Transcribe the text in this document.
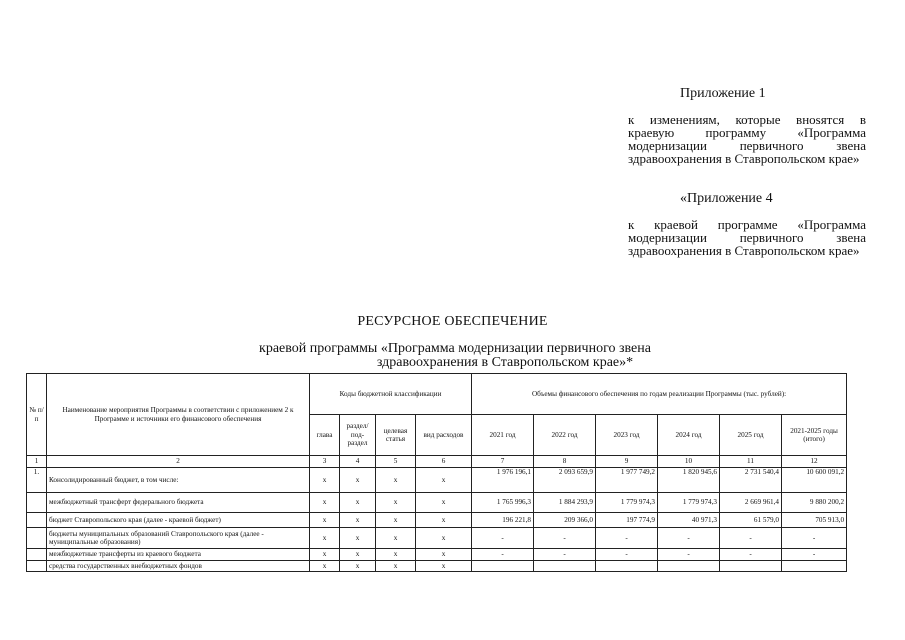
Приложение 1
к изменениям, которые внosятся в краевую программу «Программа модернизации первичного звена здравоохранения в Ставропольском крае»
«Приложение 4
к краевой программе «Программа модернизации первичного звена здравоохранения в Ставропольском крае»
РЕСУРСНОЕ ОБЕСПЕЧЕНИЕ
краевой программы «Программа модернизации первичного звена
здравоохранения в Ставропольском крае»*
№ п/п	Наименование мероприятия Программы в соответствии с приложением 2 к Программе и источники его финансового обеспечения	Коды бюджетной классификации				Объемы финансового обеспечения по годам реализации Программы (тыс. рублей):					
		глава	раздел/ под-раздел	целевая статья	вид расходов	2021 год	2022 год	2023 год	2024 год	2025 год	2021-2025 годы (итого)
1	2	3	4	5	6	7	8	9	10	11	12
1.	Консолидированный бюджет, в том числе:	x	x	x	x	1 976 196,1	2 093 659,9	1 977 749,2	1 820 945,6	2 731 540,4	10 600 091,2
	межбюджетный трансферт федерального бюджета	x	x	x	x	1 765 996,3	1 884 293,9	1 779 974,3	1 779 974,3	2 669 961,4	9 880 200,2
	бюджет Ставропольского края (далее - краевой бюджет)	x	x	x	x	196 221,8	209 366,0	197 774,9	40 971,3	61 579,0	705 913,0
	бюджеты муниципальных образований Ставропольского края (далее - муниципальные образования)	x	x	x	x	-	-	-	-	-	-
	межбюджетные трансферты из краевого бюджета	x	x	x	x	-	-	-	-	-	-
	средства государственных внебюджетных фондов	x	x	x	x						
